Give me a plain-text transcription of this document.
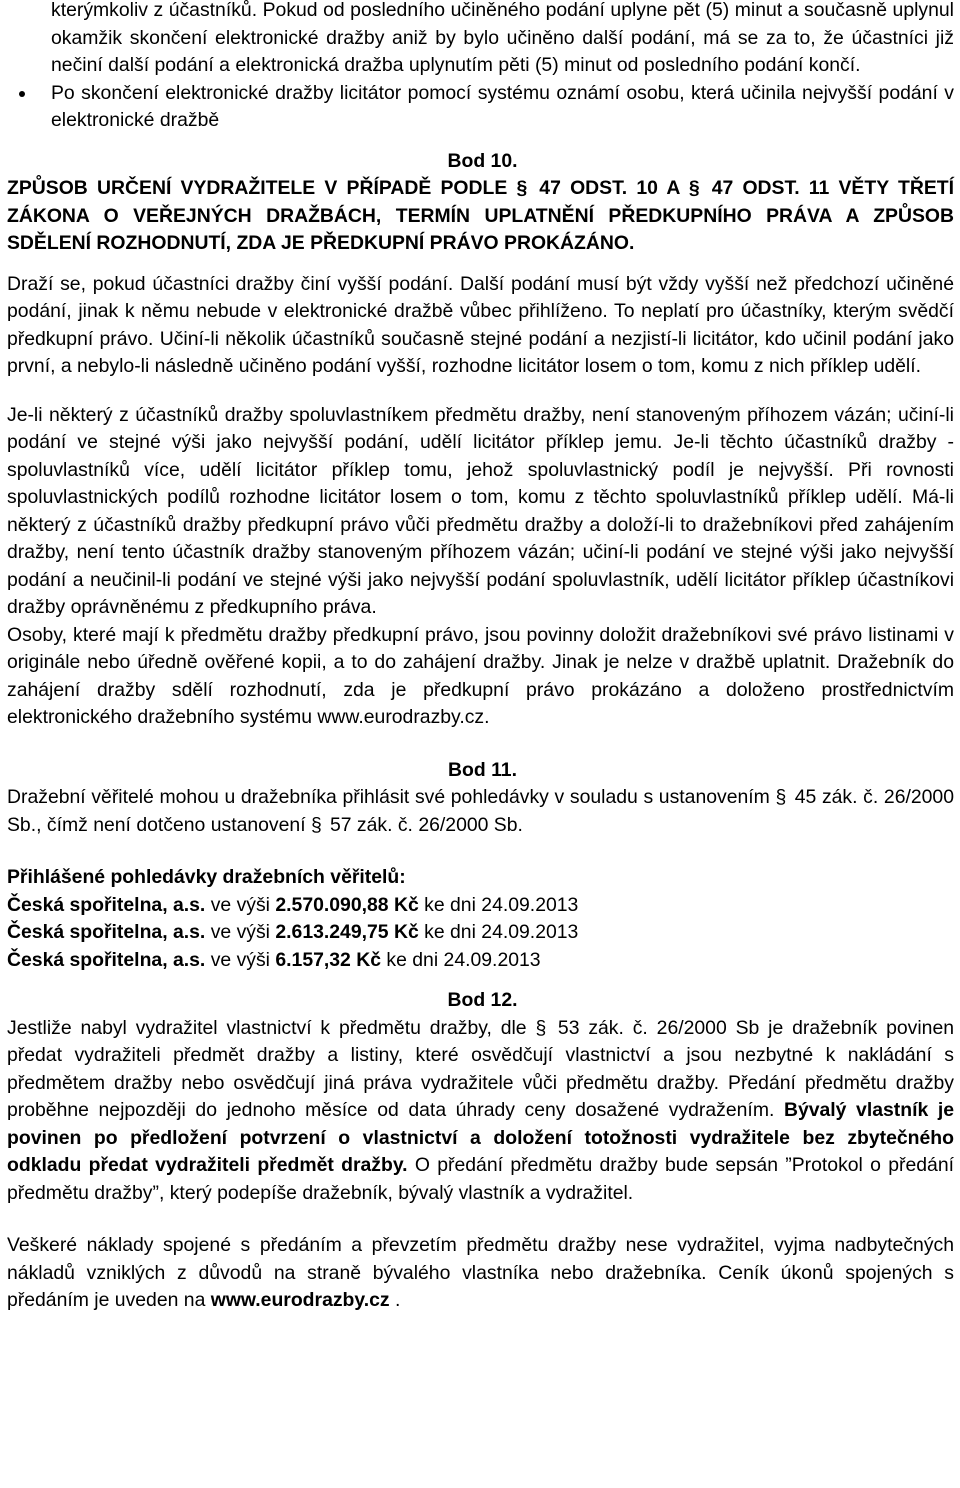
kterýmkoliv z účastníků. Pokud od posledního učiněného podání uplyne pět (5) minut a současně uplynul okamžik skončení elektronické dražby aniž by bylo učiněno další podání, má se za to, že účastníci již nečiní další podání a elektronická dražba uplynutím pěti (5) minut od posledního podání končí.

Po skončení elektronické dražby licitátor pomocí systému oznámí osobu, která učinila nejvyšší podání v elektronické dražbě

Bod 10.

ZPŮSOB URČENÍ VYDRAŽITELE V PŘÍPADĚ PODLE § 47 ODST. 10 A § 47 ODST. 11 VĚTY TŘETÍ ZÁKONA O VEŘEJNÝCH DRAŽBÁCH, TERMÍN UPLATNĚNÍ PŘEDKUPNÍHO PRÁVA A ZPŮSOB SDĚLENÍ ROZHODNUTÍ, ZDA JE PŘEDKUPNÍ PRÁVO PROKÁZÁNO.

Draží se, pokud účastníci dražby činí vyšší podání. Další podání musí být vždy vyšší než předchozí učiněné podání, jinak k němu nebude v elektronické dražbě vůbec přihlíženo. To neplatí pro účastníky, kterým svědčí předkupní právo. Učiní-li několik účastníků současně stejné podání a nezjistí-li licitátor, kdo učinil podání jako první, a nebylo-li následně učiněno podání vyšší, rozhodne licitátor losem o tom, komu z nich příklep udělí.

Je-li některý z účastníků dražby spoluvlastníkem předmětu dražby, není stanoveným příhozem vázán; učiní-li podání ve stejné výši jako nejvyšší podání, udělí licitátor příklep jemu. Je-li těchto účastníků dražby - spoluvlastníků více, udělí licitátor příklep tomu, jehož spoluvlastnický podíl je nejvyšší. Při rovnosti spoluvlastnických podílů rozhodne licitátor losem o tom, komu z těchto spoluvlastníků příklep udělí. Má-li některý z účastníků dražby předkupní právo vůči předmětu dražby a doloží-li to dražebníkovi před zahájením dražby, není tento účastník dražby stanoveným příhozem vázán; učiní-li podání ve stejné výši jako nejvyšší podání a neučinil-li podání ve stejné výši jako nejvyšší podání spoluvlastník, udělí licitátor příklep účastníkovi dražby oprávněnému z předkupního práva.

Osoby, které mají k předmětu dražby předkupní právo, jsou povinny doložit dražebníkovi své právo listinami v originále nebo úředně ověřené kopii, a to do zahájení dražby. Jinak je nelze v dražbě uplatnit. Dražebník do zahájení dražby sdělí rozhodnutí, zda je předkupní právo prokázáno a doloženo prostřednictvím elektronického dražebního systému www.eurodrazby.cz.

Bod 11.

Dražební věřitelé mohou u dražebníka přihlásit své pohledávky v souladu s ustanovením § 45 zák. č. 26/2000 Sb., čímž není dotčeno ustanovení § 57 zák. č. 26/2000 Sb.

Přihlášené pohledávky dražebních věřitelů:

Česká spořitelna, a.s. ve výši 2.570.090,88 Kč ke dni 24.09.2013

Česká spořitelna, a.s. ve výši 2.613.249,75 Kč ke dni 24.09.2013

Česká spořitelna, a.s. ve výši 6.157,32 Kč ke dni 24.09.2013

Bod 12.

Jestliže nabyl vydražitel vlastnictví k předmětu dražby, dle § 53 zák. č. 26/2000 Sb je dražebník povinen předat vydražiteli předmět dražby a listiny, které osvědčují vlastnictví a jsou nezbytné k nakládání s předmětem dražby nebo osvědčují jiná práva vydražitele vůči předmětu dražby. Předání předmětu dražby proběhne nejpozději do jednoho měsíce od data úhrady ceny dosažené vydražením. Bývalý vlastník je povinen po předložení potvrzení o vlastnictví a doložení totožnosti vydražitele bez zbytečného odkladu předat vydražiteli předmět dražby. O předání předmětu dražby bude sepsán ”Protokol o předání předmětu dražby”, který podepíše dražebník, bývalý vlastník a vydražitel.

Veškeré náklady spojené s předáním a převzetím předmětu dražby nese vydražitel, vyjma nadbytečných nákladů vzniklých z důvodů na straně bývalého vlastníka nebo dražebníka. Ceník úkonů spojených s předáním je uveden na www.eurodrazby.cz .
